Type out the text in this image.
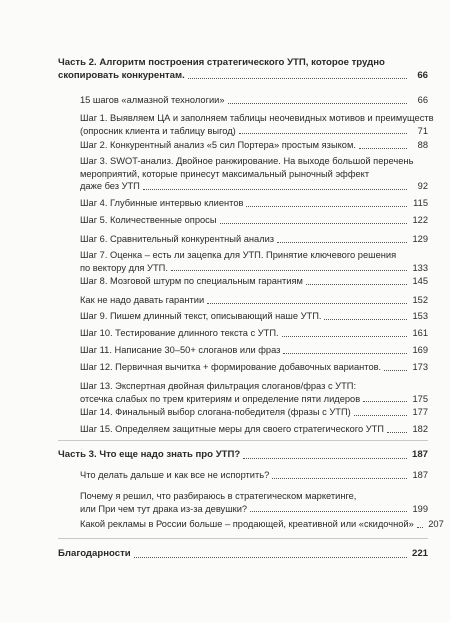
Часть 2. Алгоритм построения стратегического УТП, которое трудно
скопировать конкурентам.	66
15 шагов «алмазной технологии»	66
Шаг 1. Выявляем ЦА и заполняем таблицы неочевидных мотивов и преимуществ
(опросник клиента и таблицу выгод)	71
Шаг 2. Конкурентный анализ «5 сил Портера» простым языком.	88
Шаг 3. SWOT-анализ. Двойное ранжирование. На выходе большой перечень
мероприятий, которые принесут максимальный рыночный эффект
даже без УТП	92
Шаг 4. Глубинные интервью клиентов	115
Шаг 5. Количественные опросы	122
Шаг 6. Сравнительный конкурентный анализ	129
Шаг 7. Оценка – есть ли зацепка для УТП. Принятие ключевого решения
по вектору для УТП.	133
Шаг 8. Мозговой штурм по специальным гарантиям	145
Как не надо давать гарантии	152
Шаг 9. Пишем длинный текст, описывающий наше УТП.	153
Шаг 10. Тестирование длинного текста с УТП.	161
Шаг 11. Написание 30–50+ слоганов или фраз	169
Шаг 12. Первичная вычитка + формирование добавочных вариантов.	173
Шаг 13. Экспертная двойная фильтрация слоганов/фраз с УТП:
отсечка слабых по трем критериям и определение пяти лидеров	175
Шаг 14. Финальный выбор слогана-победителя (фразы с УТП)	177
Шаг 15. Определяем защитные меры для своего стратегического УТП	182
Часть 3. Что еще надо знать про УТП?	187
Что делать дальше и как все не испортить?	187
Почему я решил, что разбираюсь в стратегическом маркетинге,
или При чем тут драка из-за девушки?	199
Какой рекламы в России больше – продающей, креативной или «скидочной» 207
Благодарности	221
